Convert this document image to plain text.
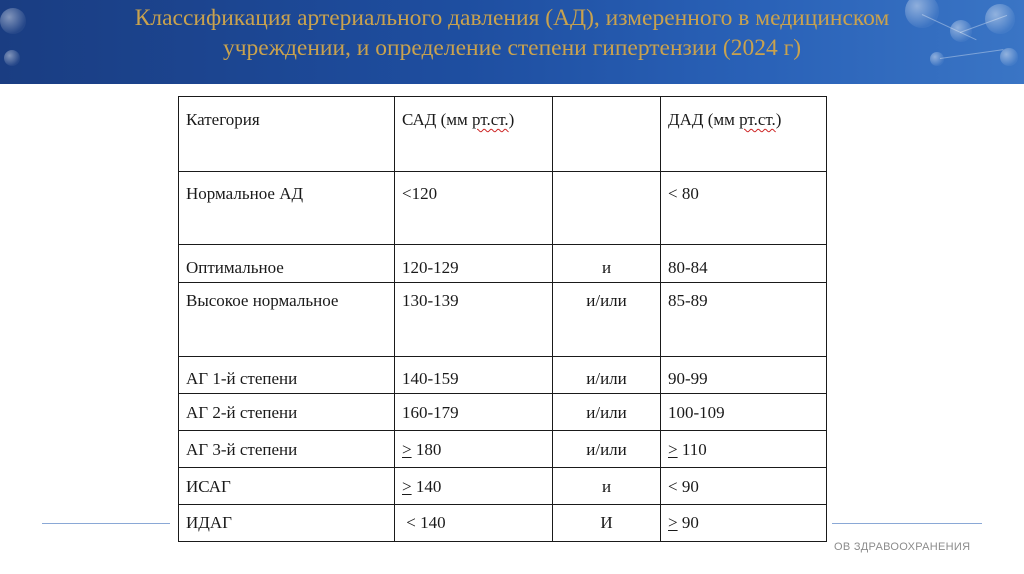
Классификация артериального давления (АД), измеренного в медицинском
учреждении, и определение степени гипертензии (2024 г)
Категория	САД (мм рт.ст.)		ДАД (мм рт.ст.)
Нормальное АД	<120		< 80
Оптимальное	120-129	и	80-84
Высокое нормальное	130-139	и/или	85-89
АГ 1-й степени	140-159	и/или	90-99
АГ 2-й степени	160-179	и/или	100-109
АГ 3-й степени	≥ 180	и/или	≥ 110
ИСАГ	≥ 140	и	< 90
ИДАГ	< 140	И	≥ 90
ОВ ЗДРАВООХРАНЕНИЯ
